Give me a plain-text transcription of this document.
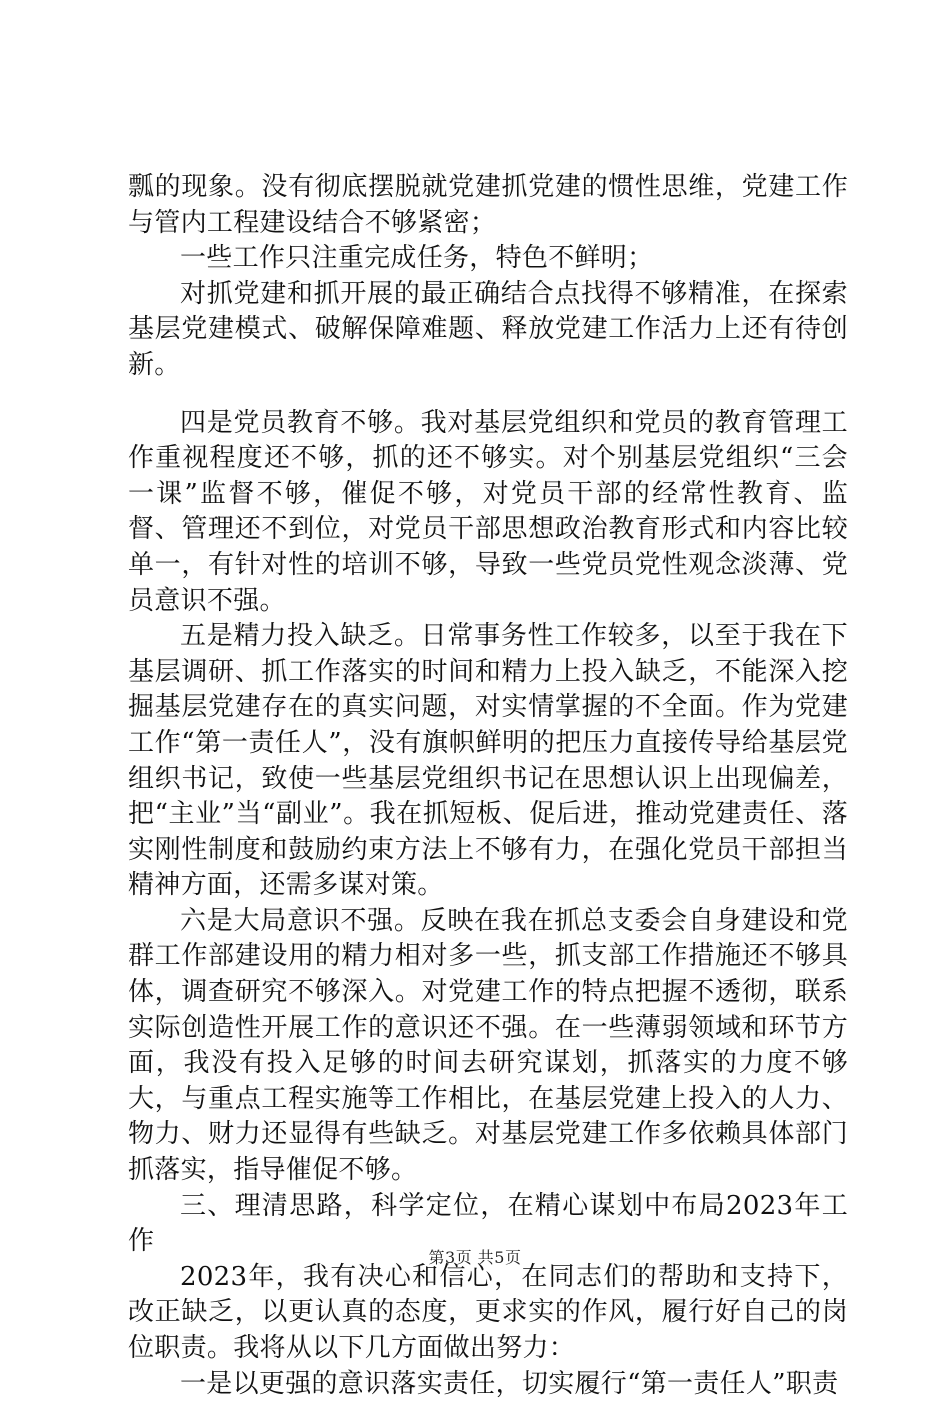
瓢的现象。没有彻底摆脱就党建抓党建的惯性思维，党建工作与管内工程建设结合不够紧密；

一些工作只注重完成任务，特色不鲜明；

对抓党建和抓开展的最正确结合点找得不够精准，在探索基层党建模式、破解保障难题、释放党建工作活力上还有待创新。

四是党员教育不够。我对基层党组织和党员的教育管理工作重视程度还不够，抓的还不够实。对个别基层党组织“三会一课”监督不够，催促不够，对党员干部的经常性教育、监督、管理还不到位，对党员干部思想政治教育形式和内容比较单一，有针对性的培训不够，导致一些党员党性观念淡薄、党员意识不强。

五是精力投入缺乏。日常事务性工作较多，以至于我在下基层调研、抓工作落实的时间和精力上投入缺乏，不能深入挖掘基层党建存在的真实问题，对实情掌握的不全面。作为党建工作“第一责任人”，没有旗帜鲜明的把压力直接传导给基层党组织书记，致使一些基层党组织书记在思想认识上出现偏差，把“主业”当“副业”。我在抓短板、促后进，推动党建责任、落实刚性制度和鼓励约束方法上不够有力，在强化党员干部担当精神方面，还需多谋对策。

六是大局意识不强。反映在我在抓总支委会自身建设和党群工作部建设用的精力相对多一些，抓支部工作措施还不够具体，调查研究不够深入。对党建工作的特点把握不透彻，联系实际创造性开展工作的意识还不强。在一些薄弱领域和环节方面，我没有投入足够的时间去研究谋划，抓落实的力度不够大，与重点工程实施等工作相比，在基层党建上投入的人力、物力、财力还显得有些缺乏。对基层党建工作多依赖具体部门抓落实，指导催促不够。

三、理清思路，科学定位，在精心谋划中布局2023年工作

2023年，我有决心和信心，在同志们的帮助和支持下，改正缺乏，以更认真的态度，更求实的作风，履行好自己的岗位职责。我将从以下几方面做出努力：

一是以更强的意识落实责任，切实履行“第一责任人”职责

第3页 共5页
